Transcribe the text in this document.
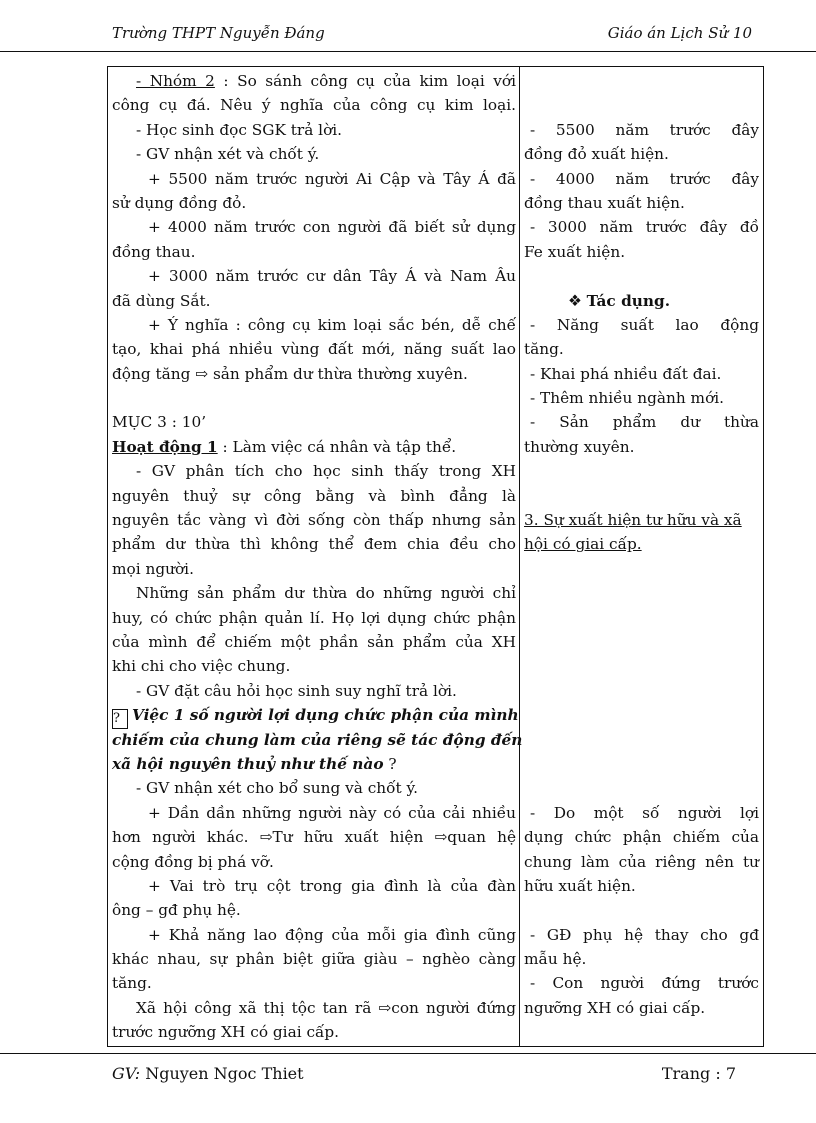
Trường THPT Nguyễn Đáng	Giáo án Lịch Sử 10
- Nhóm 2 : So sánh công cụ của kim loại với
công cụ đá. Nêu ý nghĩa của công cụ kim loại.
- Học sinh đọc SGK trả lời.
- GV nhận xét và chốt ý.
+ 5500 năm trước người Ai Cập và Tây Á đã
sử dụng đồng đỏ.
+ 4000 năm trước con người đã biết sử dụng
đồng thau.
+ 3000 năm trước cư dân Tây Á và Nam Âu
đã dùng Sắt.
+ Ý nghĩa : công cụ kim loại sắc bén, dễ chế
tạo, khai phá nhiều vùng đất mới, năng suất lao
động tăng ⇨ sản phẩm dư thừa thường xuyên.
MỤC 3 : 10’
Hoạt động 1 : Làm việc cá nhân và tập thể.
- GV phân tích cho học sinh thấy trong XH
nguyên thuỷ sự công bằng và bình đẳng là
nguyên tắc vàng vì đời sống còn thấp nhưng sản
phẩm dư thừa thì không thể đem chia đều cho
mọi người.
Những sản phẩm dư thừa do những người chỉ
huy, có chức phận quản lí. Họ lợi dụng chức phận
của mình để chiếm một phần sản phẩm của XH
khi chi cho việc chung.
- GV đặt câu hỏi học sinh suy nghĩ trả lời.
? Việc 1 số người lợi dụng chức phận của mình
chiếm của chung làm của riêng sẽ tác động đến
xã hội nguyên thuỷ như thế nào ?
- GV nhận xét cho bổ sung và chốt ý.
+ Dần dần những người này có của cải nhiều
hơn người khác. ⇨Tư hữu xuất hiện ⇨quan hệ
cộng đồng bị phá vỡ.
+ Vai trò trụ cột trong gia đình là của đàn
ông – gđ phụ hệ.
+ Khả năng lao động của mỗi gia đình cũng
khác nhau, sự phân biệt giữa giàu – nghèo càng
tăng.
Xã hội công xã thị tộc tan rã ⇨con người đứng
trước ngưỡng XH có giai cấp.
- 5500 năm trước đây
đồng đỏ xuất hiện.
- 4000 năm trước đây
đồng thau xuất hiện.
- 3000 năm trước đây đồ
Fe xuất hiện.
❖ Tác dụng.
- Năng suất lao động
tăng.
- Khai phá nhiều đất đai.
- Thêm nhiều ngành mới.
- Sản phẩm dư thừa
thường xuyên.
3. Sự xuất hiện tư hữu và xã
hội có giai cấp.
- Do một số người lợi
dụng chức phận chiếm của
chung làm của riêng nên tư
hữu xuất hiện.
- GĐ phụ hệ thay cho gđ
mẫu hệ.
- Con người đứng trước
ngưỡng XH có giai cấp.
GV: Nguyen Ngoc Thiet	Trang : 7
